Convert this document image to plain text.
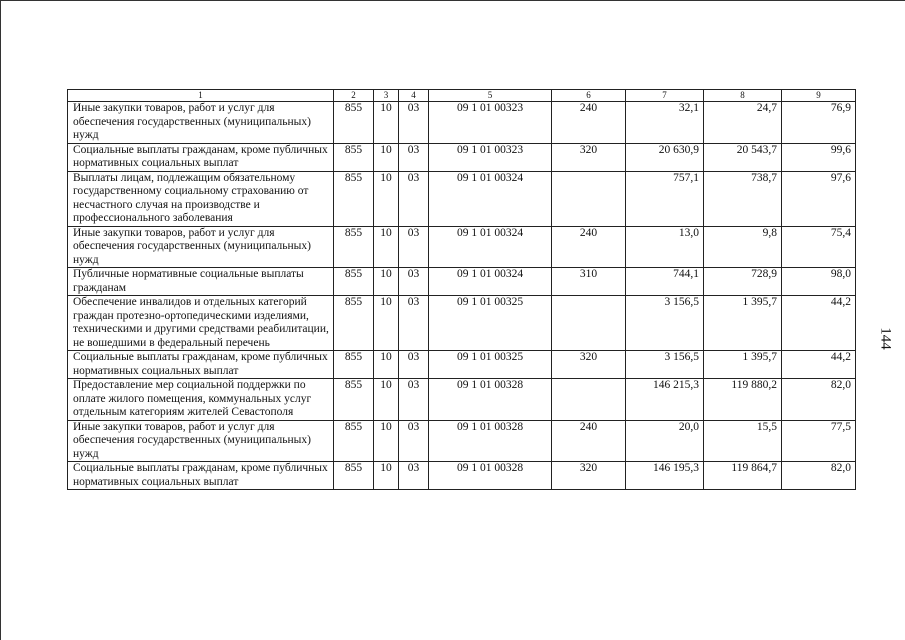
1	2	3	4	5	6	7	8	9
Иные закупки товаров, работ и услуг для обеспечения государственных (муниципальных) нужд	855	10	03	09 1 01 00323	240	32,1	24,7	76,9
Социальные выплаты гражданам, кроме публичных нормативных социальных выплат	855	10	03	09 1 01 00323	320	20 630,9	20 543,7	99,6
Выплаты лицам, подлежащим обязательному государственному социальному страхованию от несчастного случая на производстве и профессионального заболевания	855	10	03	09 1 01 00324		757,1	738,7	97,6
Иные закупки товаров, работ и услуг для обеспечения государственных (муниципальных) нужд	855	10	03	09 1 01 00324	240	13,0	9,8	75,4
Публичные нормативные социальные выплаты гражданам	855	10	03	09 1 01 00324	310	744,1	728,9	98,0
Обеспечение инвалидов и отдельных категорий граждан протезно-ортопедическими изделиями, техническими и другими средствами реабилитации, не вошедшими в федеральный перечень	855	10	03	09 1 01 00325		3 156,5	1 395,7	44,2
Социальные выплаты гражданам, кроме публичных нормативных социальных выплат	855	10	03	09 1 01 00325	320	3 156,5	1 395,7	44,2
Предоставление мер социальной поддержки по оплате жилого помещения, коммунальных услуг отдельным категориям жителей Севастополя	855	10	03	09 1 01 00328		146 215,3	119 880,2	82,0
Иные закупки товаров, работ и услуг для обеспечения государственных (муниципальных) нужд	855	10	03	09 1 01 00328	240	20,0	15,5	77,5
Социальные выплаты гражданам, кроме публичных нормативных социальных выплат	855	10	03	09 1 01 00328	320	146 195,3	119 864,7	82,0
144
